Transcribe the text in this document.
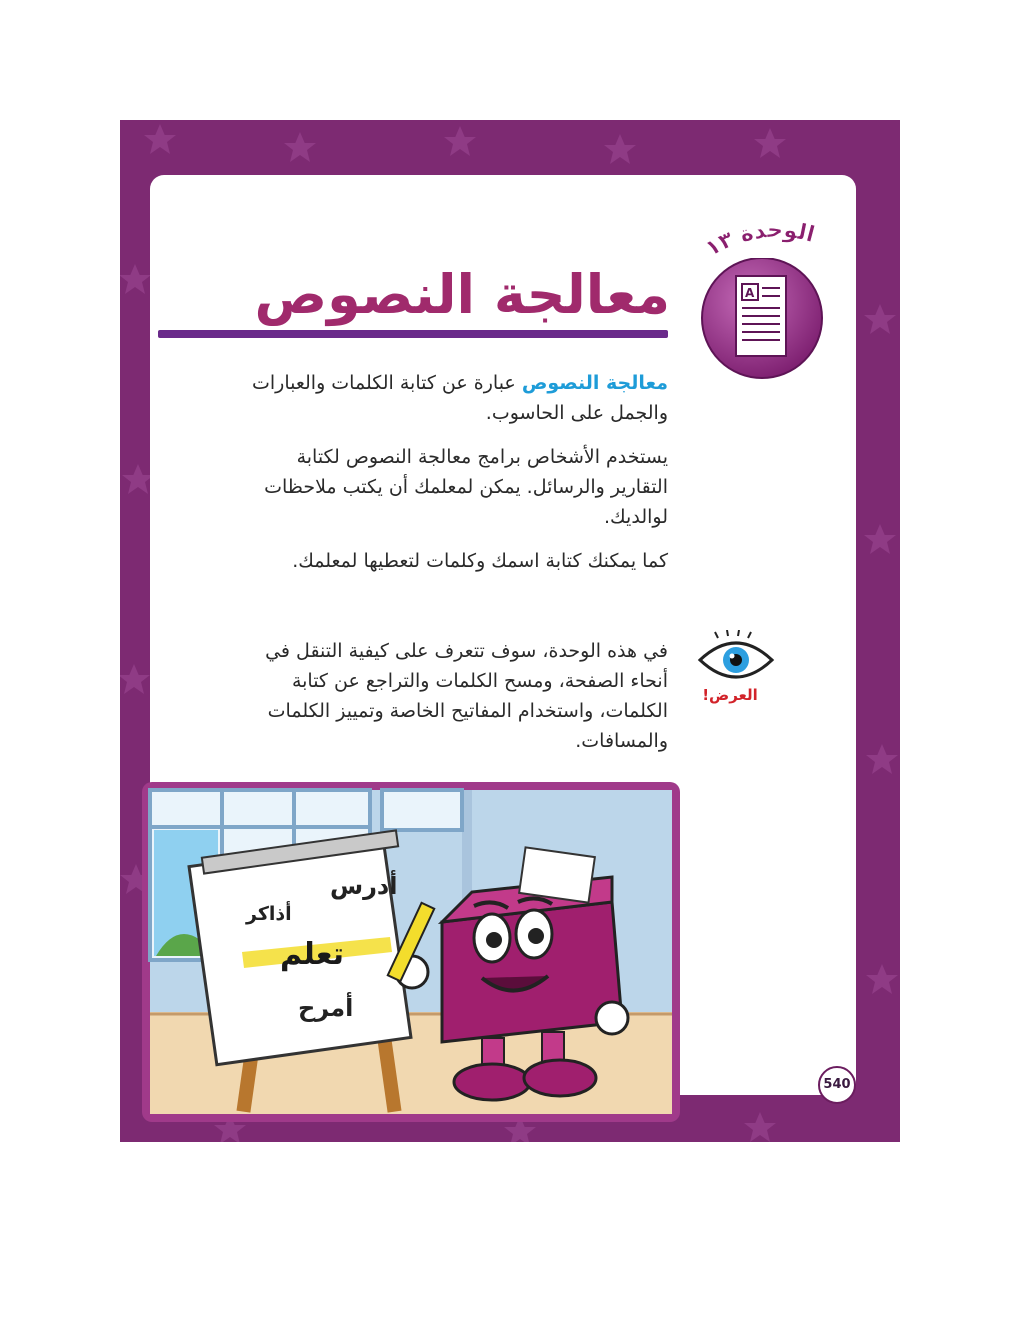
A
الوحدة ١٣
معالجة النصوص
معالجة النصوص عبارة عن كتابة الكلمات والعبارات والجمل على الحاسوب.
يستخدم الأشخاص برامج معالجة النصوص لكتابة التقارير والرسائل. يمكن لمعلمك أن يكتب ملاحظات لوالديك.
كما يمكنك كتابة اسمك وكلمات لتعطيها لمعلمك.
في هذه الوحدة، سوف تتعرف على كيفية التنقل في أنحاء الصفحة، ومسح الكلمات والتراجع عن كتابة الكلمات، واستخدام المفاتيح الخاصة وتمييز الكلمات والمسافات.
العرض!
أدرس
أذاكر
تعلم
أمرح
540
